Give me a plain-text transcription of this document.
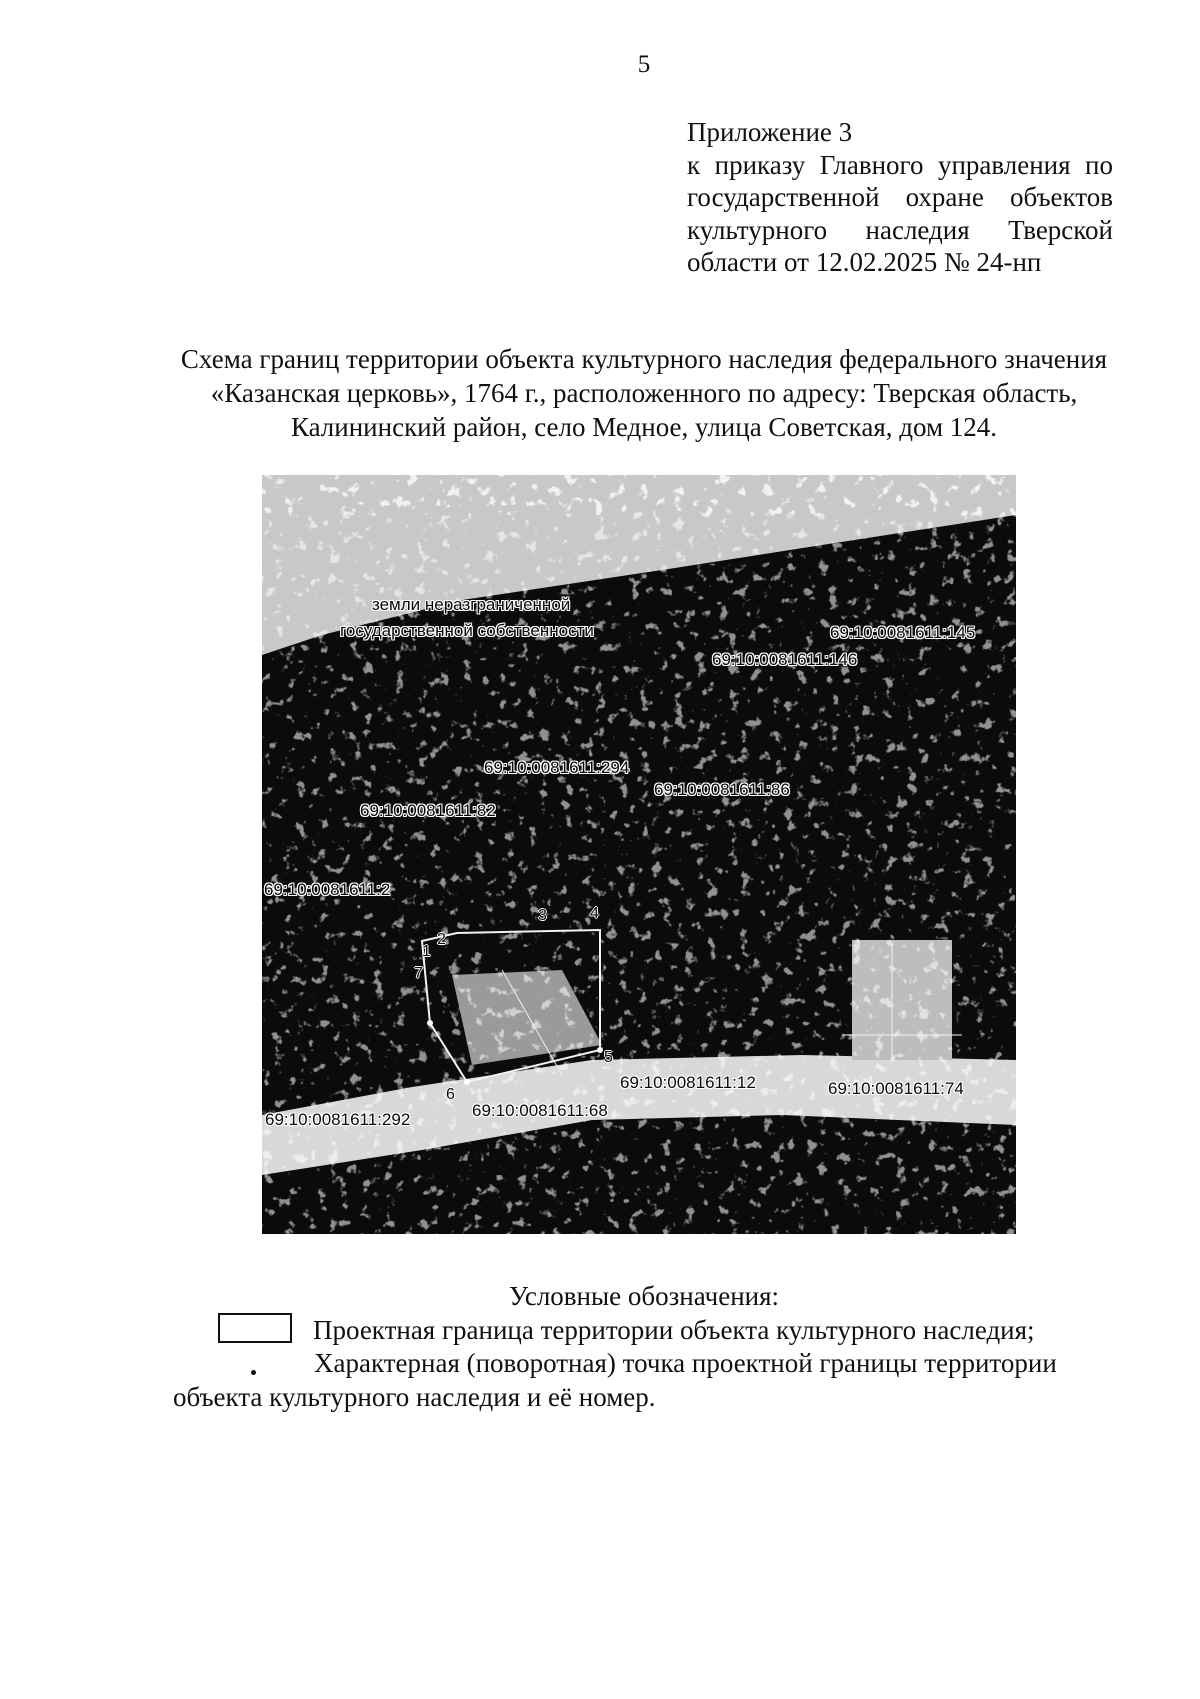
5
Приложение 3
к приказу Главного управления по государственной охране объектов культурного наследия Тверской области от 12.02.2025 № 24-нп
Схема границ территории объекта культурного наследия федерального значения «Казанская церковь», 1764 г., расположенного по адресу: Тверская область, Калининский район, село Медное, улица Советская, дом 124.
земли неразграниченной
государственной собственности	69:10:0081611:145
69:10:0081611:146
69:10:0081611:294
69:10:0081611:86
69:10:0081611:82
69:10:0081611:2
69:10:0081611:12	69:10:0081611:74
69:10:0081611:292	69:10:0081611:68
1
2
3	4
5
6
7
Условные обозначения:
Проектная граница территории объекта культурного наследия;
Характерная (поворотная) точка проектной границы территории объекта культурного наследия и её номер.
